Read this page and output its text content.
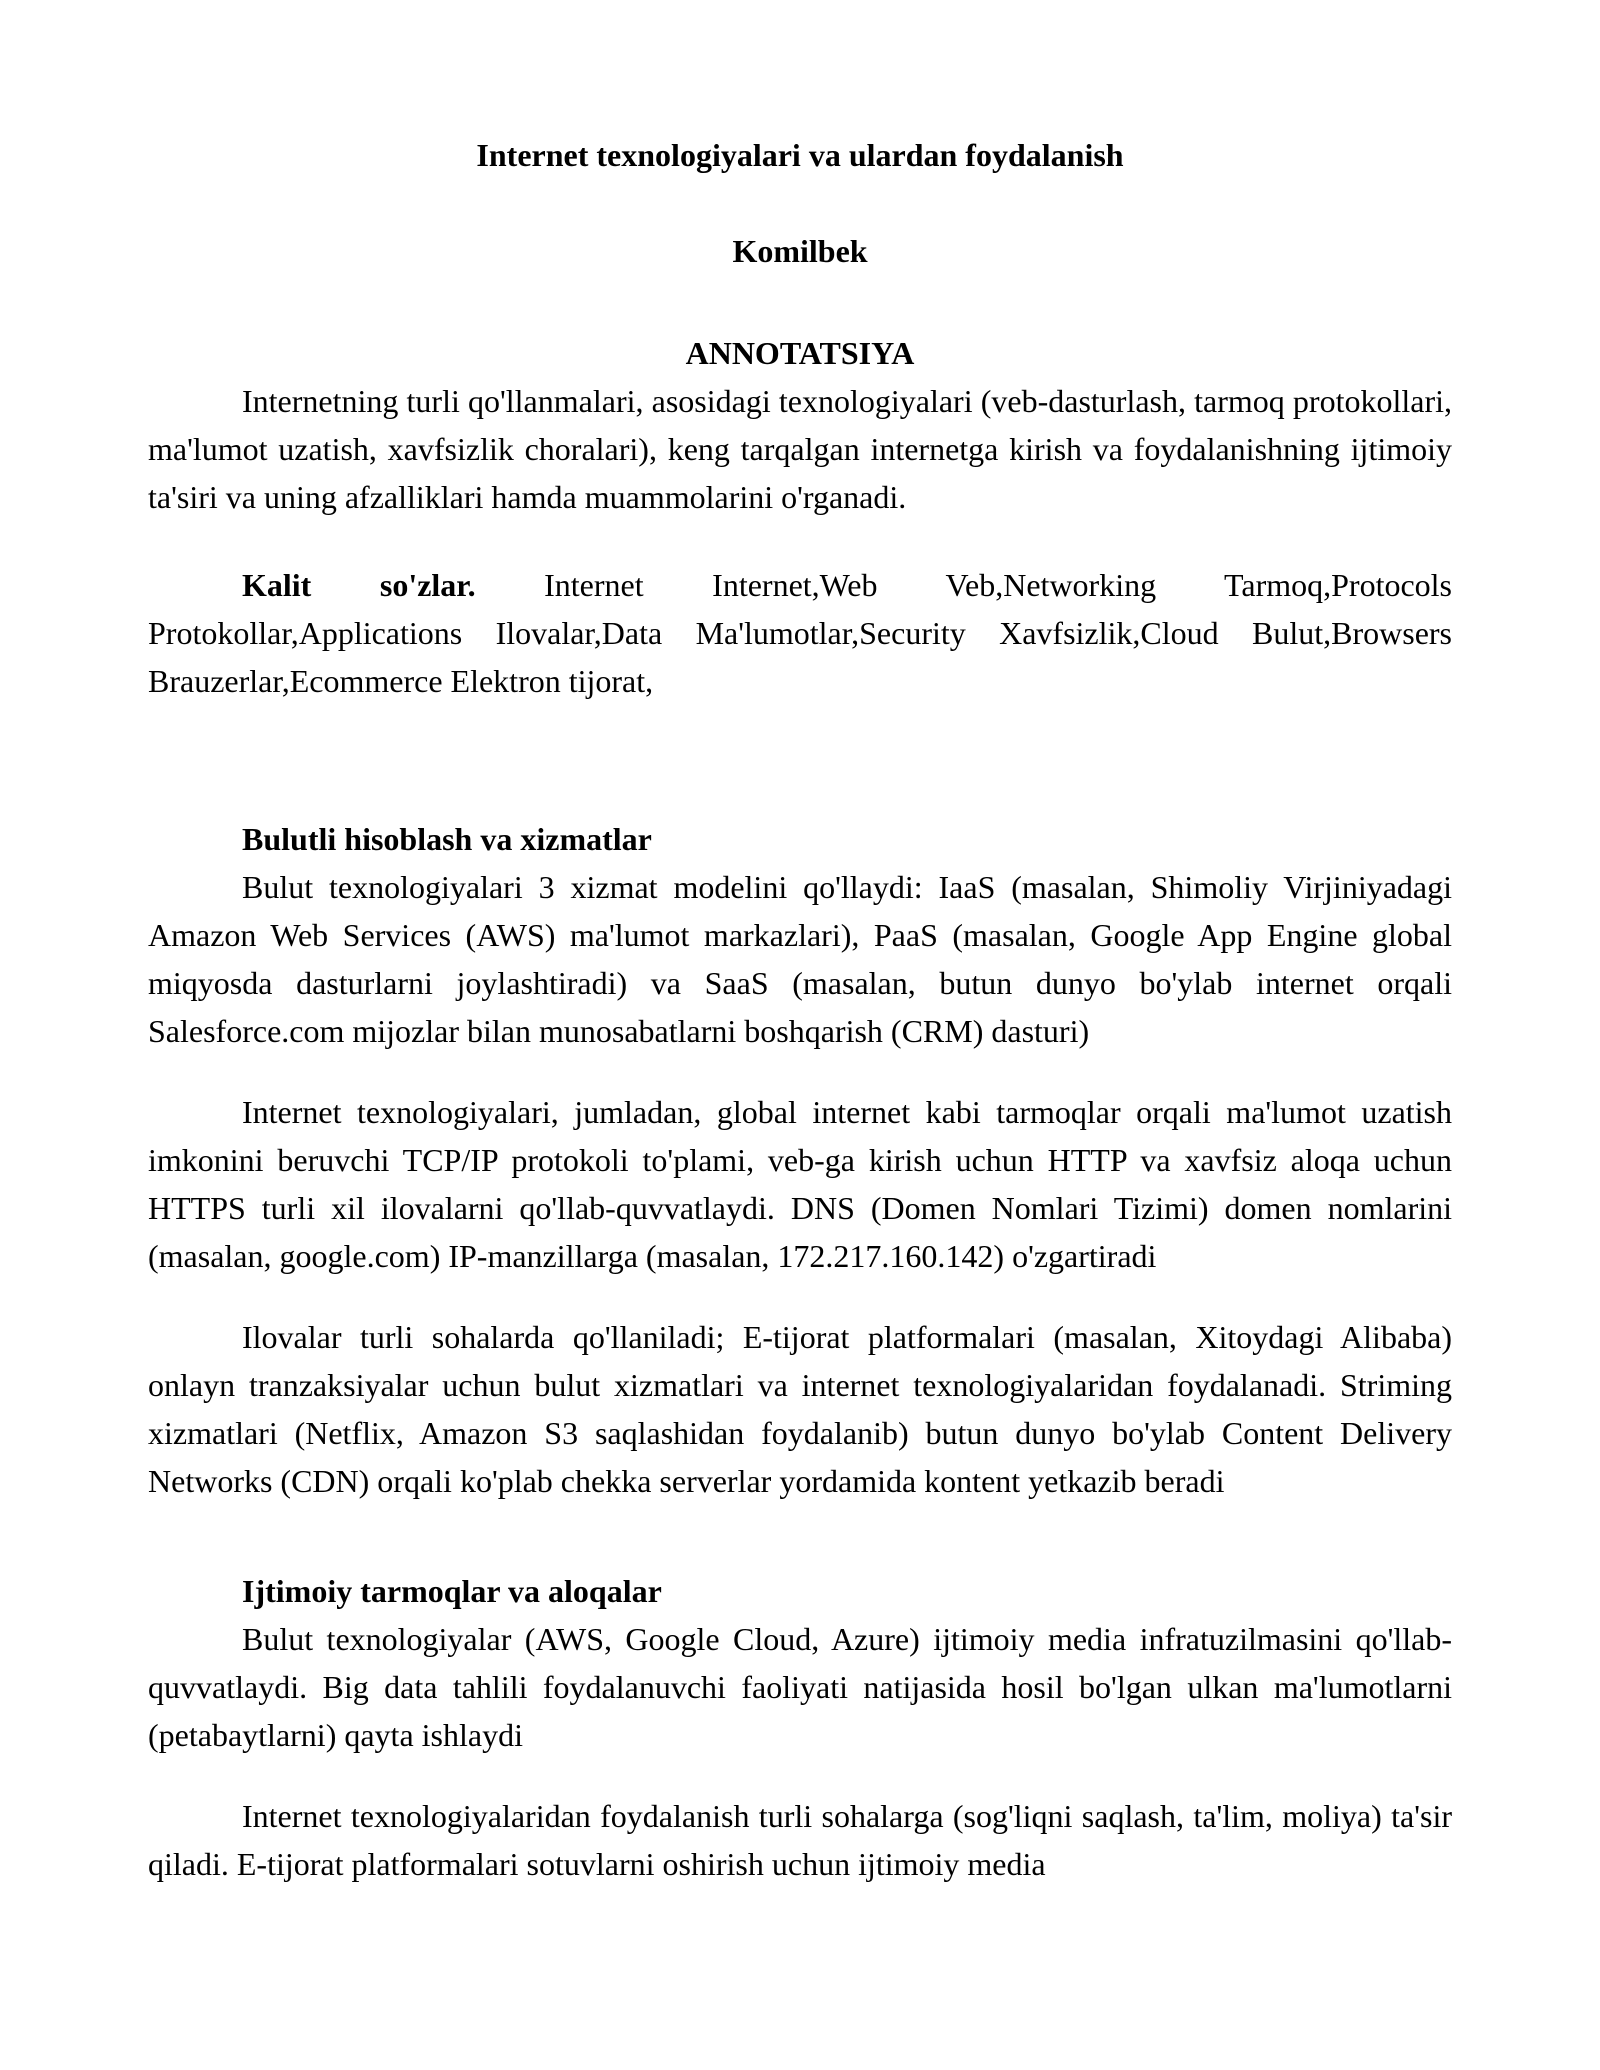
Internet texnologiyalari va ulardan foydalanish

Komilbek

ANNOTATSIYA

Internetning turli qo'llanmalari, asosidagi texnologiyalari (veb-dasturlash, tarmoq protokollari, ma'lumot uzatish, xavfsizlik choralari), keng tarqalgan internetga kirish va foydalanishning ijtimoiy ta'siri va uning afzalliklari hamda muammolarini o'rganadi.

Kalit so'zlar. Internet Internet,Web Veb,Networking Tarmoq,Protocols Protokollar,Applications Ilovalar,Data Ma'lumotlar,Security Xavfsizlik,Cloud Bulut,Browsers Brauzerlar,Ecommerce Elektron tijorat,

Bulutli hisoblash va xizmatlar

Bulut texnologiyalari 3 xizmat modelini qo'llaydi: IaaS (masalan, Shimoliy Virjiniyadagi Amazon Web Services (AWS) ma'lumot markazlari), PaaS (masalan, Google App Engine global miqyosda dasturlarni joylashtiradi) va SaaS (masalan, butun dunyo bo'ylab internet orqali Salesforce.com mijozlar bilan munosabatlarni boshqarish (CRM) dasturi)

Internet texnologiyalari, jumladan, global internet kabi tarmoqlar orqali ma'lumot uzatish imkonini beruvchi TCP/IP protokoli to'plami, veb-ga kirish uchun HTTP va xavfsiz aloqa uchun HTTPS turli xil ilovalarni qo'llab-quvvatlaydi. DNS (Domen Nomlari Tizimi) domen nomlarini (masalan, google.com) IP-manzillarga (masalan, 172.217.160.142) o'zgartiradi

Ilovalar turli sohalarda qo'llaniladi; E-tijorat platformalari (masalan, Xitoydagi Alibaba) onlayn tranzaksiyalar uchun bulut xizmatlari va internet texnologiyalaridan foydalanadi. Striming xizmatlari (Netflix, Amazon S3 saqlashidan foydalanib) butun dunyo bo'ylab Content Delivery Networks (CDN) orqali ko'plab chekka serverlar yordamida kontent yetkazib beradi

Ijtimoiy tarmoqlar va aloqalar

Bulut texnologiyalar (AWS, Google Cloud, Azure) ijtimoiy media infratuzilmasini qo'llab-quvvatlaydi. Big data tahlili foydalanuvchi faoliyati natijasida hosil bo'lgan ulkan ma'lumotlarni (petabaytlarni) qayta ishlaydi

Internet texnologiyalaridan foydalanish turli sohalarga (sog'liqni saqlash, ta'lim, moliya) ta'sir qiladi. E-tijorat platformalari sotuvlarni oshirish uchun ijtimoiy media
